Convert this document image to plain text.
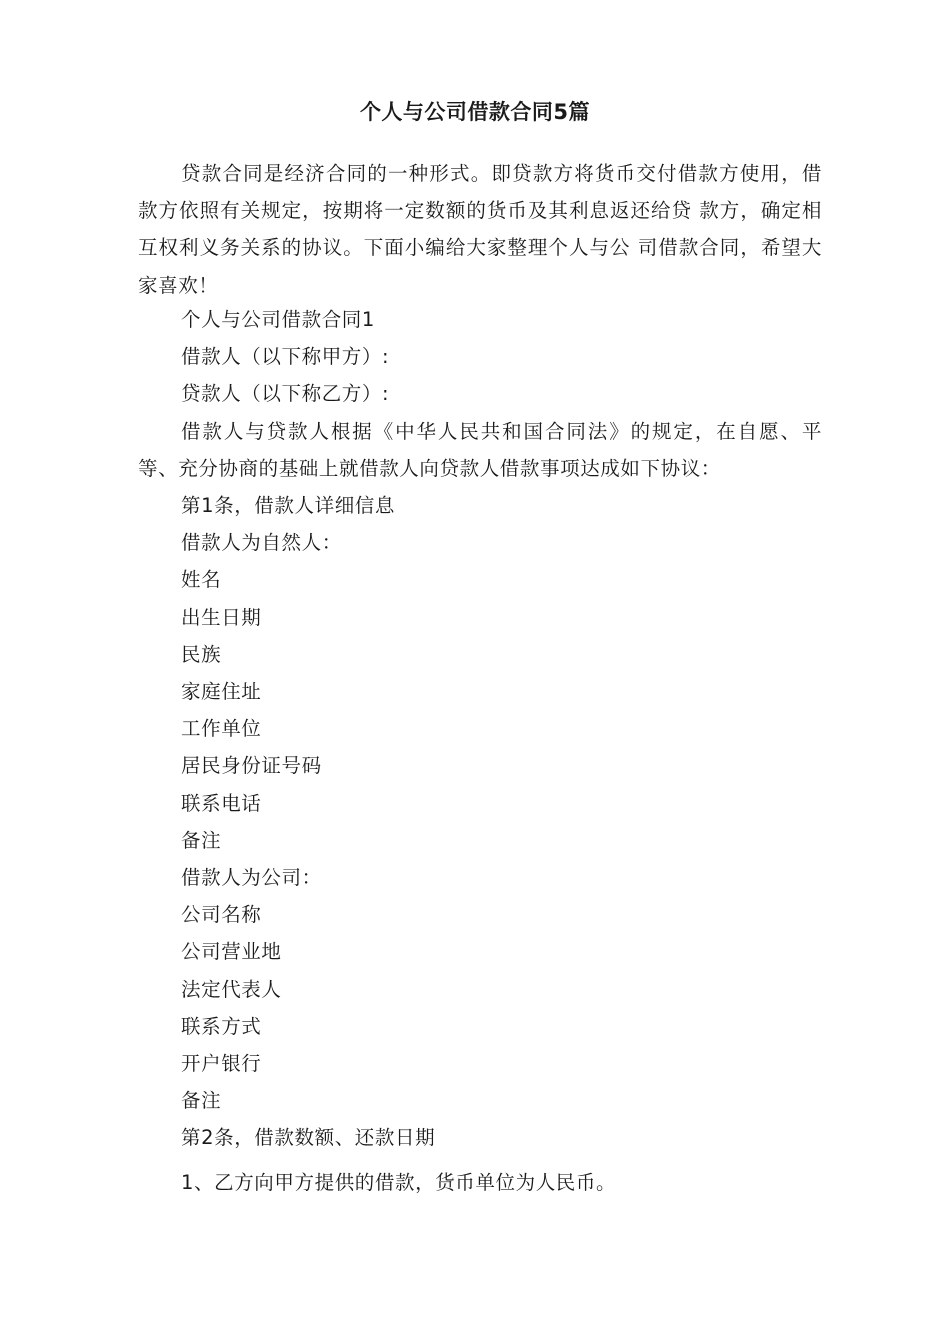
个人与公司借款合同5篇

贷款合同是经济合同的一种形式。即贷款方将货币交付借款方使用，借款方依照有关规定，按期将一定数额的货币及其利息返还给贷 款方，确定相互权利义务关系的协议。下面小编给大家整理个人与公 司借款合同，希望大家喜欢！

个人与公司借款合同1

借款人（以下称甲方）:

贷款人（以下称乙方）:

借款人与贷款人根据《中华人民共和国合同法》的规定，在自愿、平等、充分协商的基础上就借款人向贷款人借款事项达成如下协议：

第1条，借款人详细信息

借款人为自然人：

姓名

出生日期

民族

家庭住址

工作单位

居民身份证号码

联系电话

备注

借款人为公司：

公司名称

公司营业地

法定代表人

联系方式

开户银行

备注

第2条，借款数额、还款日期

1、乙方向甲方提供的借款，货币单位为人民币。
